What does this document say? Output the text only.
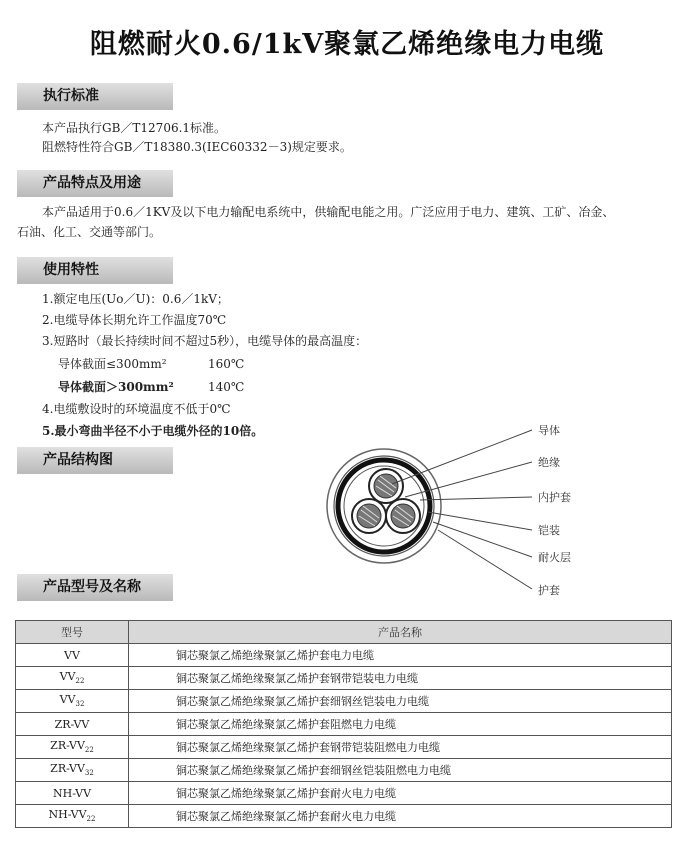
阻燃耐火0.6/1kV聚氯乙烯绝缘电力电缆
执行标准
本产品执行GB／T12706.1标准。
阻燃特性符合GB／T18380.3(IEC60332－3)规定要求。
产品特点及用途
本产品适用于0.6／1KV及以下电力输配电系统中，供输配电能之用。广泛应用于电力、建筑、工矿、冶金、
石油、化工、交通等部门。
使用特性
1.额定电压(Uo／U)：0.6／1kV；
2.电缆导体长期允许工作温度70℃
3.短路时（最长持续时间不超过5秒），电缆导体的最高温度：
导体截面≤300mm²	160℃
导体截面＞300mm²	140℃
4.电缆敷设时的环境温度不低于0℃
5.最小弯曲半径不小于电缆外径的10倍。
产品结构图
导体
绝缘
内护套
铠装
耐火层
护套
产品型号及名称
型号	产品名称
VV	铜芯聚氯乙烯绝缘聚氯乙烯护套电力电缆
$VV_{22}$	铜芯聚氯乙烯绝缘聚氯乙烯护套钢带铠装电力电缆
$VV_{32}$	铜芯聚氯乙烯绝缘聚氯乙烯护套细钢丝铠装电力电缆
ZR-VV	铜芯聚氯乙烯绝缘聚氯乙烯护套阻燃电力电缆
$ZR-VV_{22}$	铜芯聚氯乙烯绝缘聚氯乙烯护套钢带铠装阻燃电力电缆
$ZR-VV_{32}$	铜芯聚氯乙烯绝缘聚氯乙烯护套细钢丝铠装阻燃电力电缆
NH-VV	铜芯聚氯乙烯绝缘聚氯乙烯护套耐火电力电缆
$NH-VV_{22}$	铜芯聚氯乙烯绝缘聚氯乙烯护套耐火电力电缆
